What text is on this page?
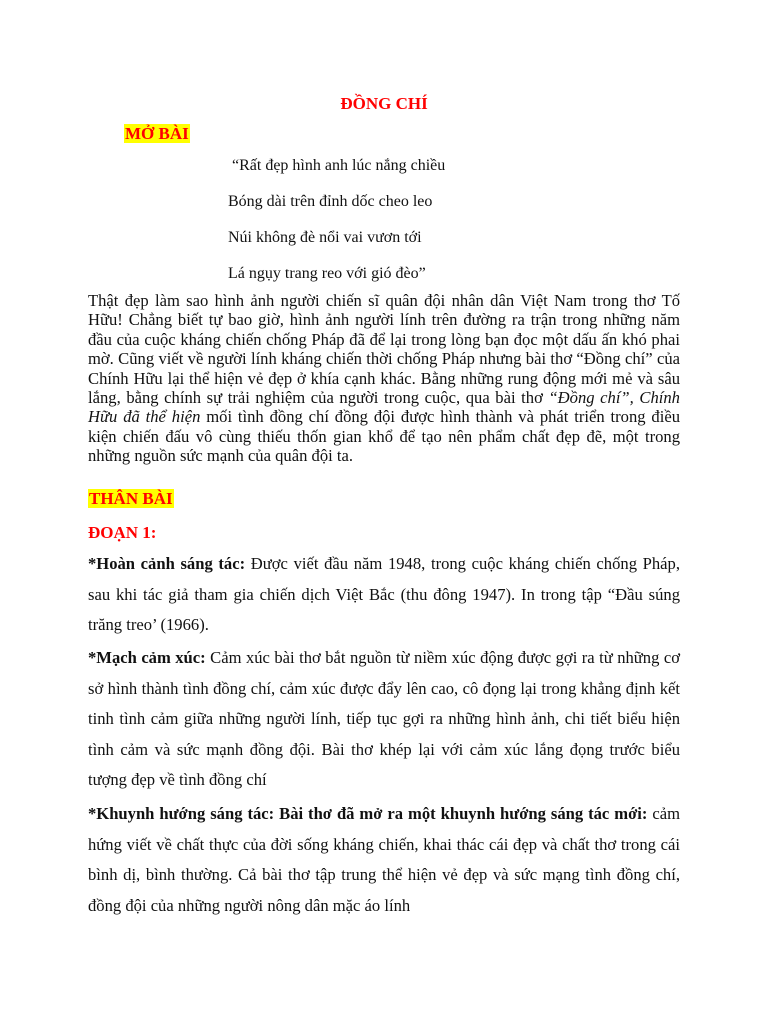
ĐỒNG CHÍ
MỞ BÀI
“Rất đẹp hình anh lúc nắng chiều
Bóng dài trên đỉnh dốc cheo leo
Núi không đè nổi vai vươn tới
Lá ngụy trang reo với gió đèo”
Thật đẹp làm sao hình ảnh người chiến sĩ quân đội nhân dân Việt Nam trong thơ Tố Hữu! Chẳng biết tự bao giờ, hình ảnh người lính trên đường ra trận trong những năm đầu của cuộc kháng chiến chống Pháp đã để lại trong lòng bạn đọc một dấu ấn khó phai mờ. Cũng viết về người lính kháng chiến thời chống Pháp nhưng bài thơ “Đồng chí” của Chính Hữu lại thể hiện vẻ đẹp ở khía cạnh khác. Bằng những rung động mới mẻ và sâu lắng, bằng chính sự trải nghiệm của người trong cuộc, qua bài thơ “Đồng chí”, Chính Hữu đã thể hiện mối tình đồng chí đồng đội được hình thành và phát triển trong điều kiện chiến đấu vô cùng thiếu thốn gian khổ để tạo nên phẩm chất đẹp đẽ, một trong những nguồn sức mạnh của quân đội ta.
THÂN BÀI
ĐOẠN 1:
*Hoàn cảnh sáng tác: Được viết đầu năm 1948, trong cuộc kháng chiến chống Pháp, sau khi tác giả tham gia chiến dịch Việt Bắc (thu đông 1947). In trong tập “Đầu súng trăng treo’ (1966).
*Mạch cảm xúc: Cảm xúc bài thơ bắt nguồn từ niềm xúc động được gợi ra từ những cơ sở hình thành tình đồng chí, cảm xúc được đẩy lên cao, cô đọng lại trong khẳng định kết tinh tình cảm giữa những người lính, tiếp tục gợi ra những hình ảnh, chi tiết biểu hiện tình cảm và sức mạnh đồng đội. Bài thơ khép lại với cảm xúc lắng đọng trước biểu tượng đẹp về tình đồng chí
*Khuynh hướng sáng tác: Bài thơ đã mở ra một khuynh hướng sáng tác mới: cảm hứng viết về chất thực của đời sống kháng chiến, khai thác cái đẹp và chất thơ trong cái bình dị, bình thường. Cả bài thơ tập trung thể hiện vẻ đẹp và sức mạng tình đồng chí, đồng đội của những người nông dân mặc áo lính
